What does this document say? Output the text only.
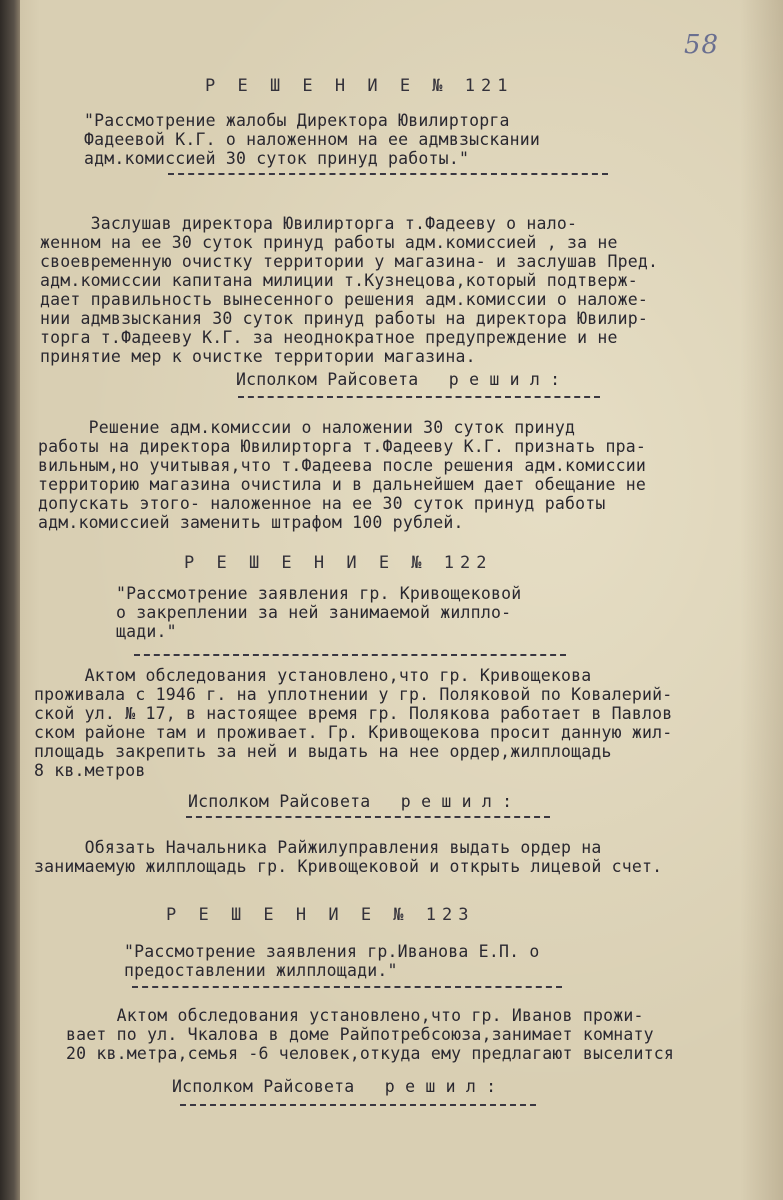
58
Р Е Ш Е Н И Е № 121
"Рассмотрение жалобы Директора Ювилирторга
Фадеевой К.Г. о наложенном на ее адмвзыскании
адм.комиссией 30 суток принуд работы."
Заслушав директора Ювилирторга т.Фадееву о нало-
женном на ее 30 суток принуд работы адм.комиссией , за не
своевременную очистку территории у магазина- и заслушав Пред.
адм.комиссии капитана милиции т.Кузнецова,который подтверж-
дает правильность вынесенного решения адм.комиссии о наложе-
нии адмвзыскания 30 суток принуд работы на директора Ювилир-
торга т.Фадееву К.Г. за неоднократное предупреждение и не
принятие мер к очистке территории магазина.
Исполком Райсовета   р е ш и л :
Решение адм.комиссии о наложении 30 суток принуд
работы на директора Ювилирторга т.Фадееву К.Г. признать пра-
вильным,но учитывая,что т.Фадеева после решения адм.комиссии
территорию магазина очистила и в дальнейшем дает обещание не
допускать этого- наложенное на ее 30 суток принуд работы
адм.комиссией заменить штрафом 100 рублей.
Р Е Ш Е Н И Е № 122
"Рассмотрение заявления гр. Кривощековой
о закреплении за ней занимаемой жилпло-
щади."
Актом обследования установлено,что гр. Кривощекова
проживала с 1946 г. на уплотнении у гр. Поляковой по Ковалерий-
ской ул. № 17, в настоящее время гр. Полякова работает в Павлов
ском районе там и проживает. Гр. Кривощекова просит данную жил-
площадь закрепить за ней и выдать на нее ордер,жилплощадь
8 кв.метров
Исполком Райсовета   р е ш и л :
Обязать Начальника Райжилуправления выдать ордер на
занимаемую жилплощадь гр. Кривощековой и открыть лицевой счет.
Р Е Ш Е Н И Е № 123
"Рассмотрение заявления гр.Иванова Е.П. о
предоставлении жилплощади."
Актом обследования установлено,что гр. Иванов прожи-
вает по ул. Чкалова в доме Райпотребсоюза,занимает комнату
20 кв.метра,семья -6 человек,откуда ему предлагают выселится
Исполком Райсовета   р е ш и л :
